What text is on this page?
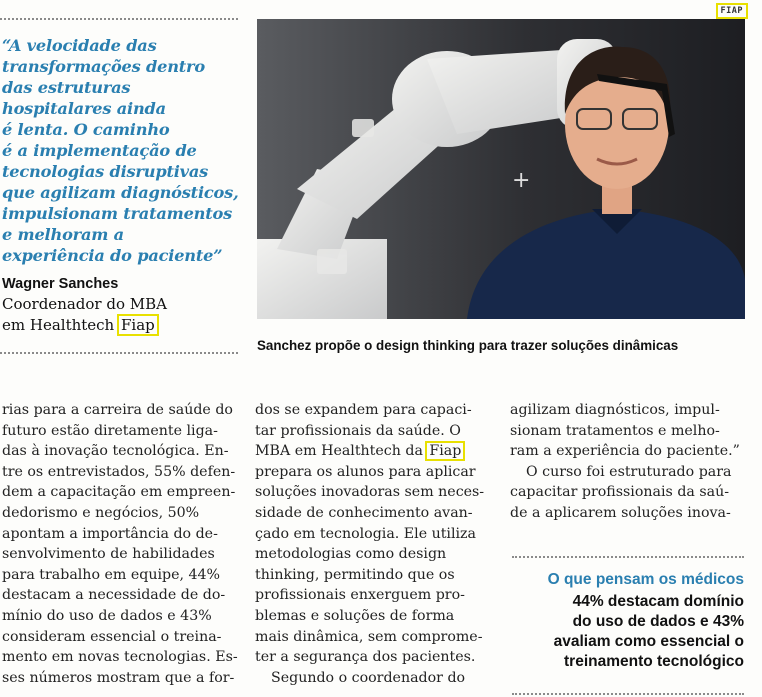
“A velocidade das
transformações dentro
das estruturas
hospitalares ainda
é lenta. O caminho
é a implementação de
tecnologias disruptivas
que agilizam diagnósticos,
impulsionam tratamentos
e melhoram a
experiência do paciente”

Wagner Sanches

Coordenador do MBA
em Healthtech Fiap

FIAP
+

Sanchez propõe o design thinking para trazer soluções dinâmicas

rias para a carreira de saúde do
futuro estão diretamente liga-
das à inovação tecnológica. En-
tre os entrevistados, 55% defen-
dem a capacitação em empreen-
dedorismo e negócios, 50%
apontam a importância do de-
senvolvimento de habilidades
para trabalho em equipe, 44%
destacam a necessidade de do-
mínio do uso de dados e 43%
consideram essencial o treina-
mento em novas tecnologias. Es-
ses números mostram que a for-

dos se expandem para capaci-
tar profissionais da saúde. O
MBA em Healthtech da Fiap
prepara os alunos para aplicar
soluções inovadoras sem neces-
sidade de conhecimento avan-
çado em tecnologia. Ele utiliza
metodologias como design
thinking, permitindo que os
profissionais enxerguem pro-
blemas e soluções de forma
mais dinâmica, sem comprome-
ter a segurança dos pacientes.
Segundo o coordenador do

agilizam diagnósticos, impul-
sionam tratamentos e melho-
ram a experiência do paciente.”
O curso foi estruturado para
capacitar profissionais da saú-
de a aplicarem soluções inova-

O que pensam os médicos

44% destacam domínio
do uso de dados e 43%
avaliam como essencial o
treinamento tecnológico
